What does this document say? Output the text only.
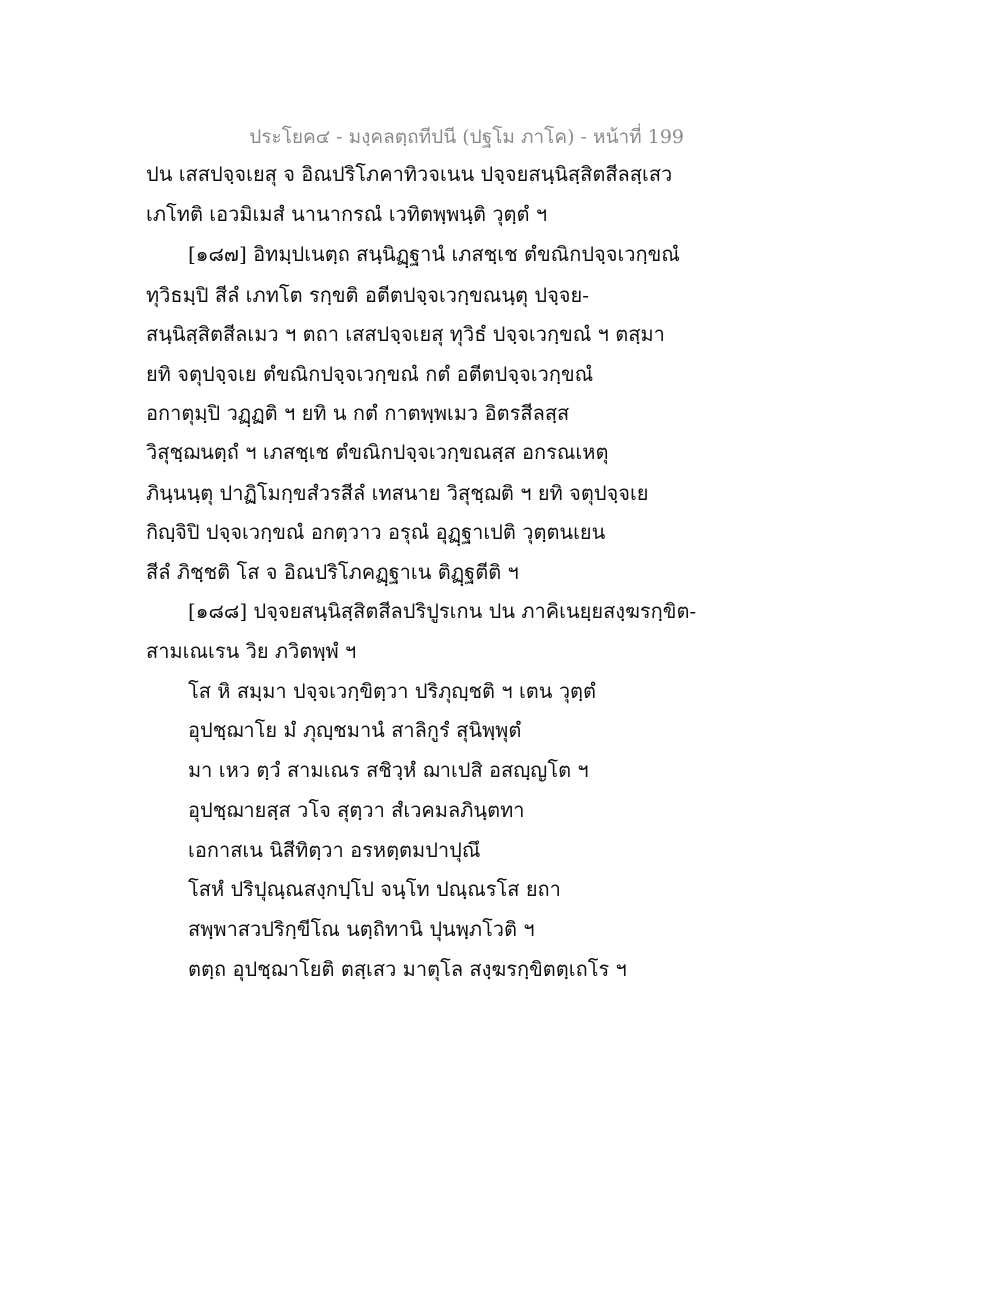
ประโยค๔ - มงฺคลตฺถทีปนี (ปฐโม ภาโค) - หน้าที่ 199
ปน เสสปจฺจเยสุ จ อิณปริโภคาทิวจเนน ปจฺจยสนฺนิสฺสิตสีลสฺเสว
เภโทติ เอวมิเมสํ นานากรณํ เวทิตพฺพนฺติ วุตฺตํ ฯ
[๑๘๗] อิทมฺปเนตฺถ สนฺนิฏฺฐานํ เภสชฺเช ตํขณิกปจฺจเวกฺขณํ
ทุวิธมฺปิ สีลํ เภทโต รกฺขติ อตีตปจฺจเวกฺขณนฺตุ ปจฺจย-
สนฺนิสฺสิตสีลเมว ฯ ตถา เสสปจฺจเยสุ ทุวิธํ ปจฺจเวกฺขณํ ฯ ตสฺมา
ยทิ จตุปจฺจเย ตํขณิกปจฺจเวกฺขณํ กตํ อตีตปจฺจเวกฺขณํ
อกาตุมฺปิ วฏฺฏติ ฯ ยทิ น กตํ กาตพฺพเมว อิตรสีลสฺส
วิสุชฺฌนตฺถํ ฯ เภสชฺเช ตํขณิกปจฺจเวกฺขณสฺส อกรณเหตุ
ภินฺนนฺตุ ปาฏิโมกฺขสํวรสีลํ เทสนาย วิสุชฺฌติ ฯ ยทิ จตุปจฺจเย
กิญฺจิปิ ปจฺจเวกฺขณํ อกตฺวาว อรุณํ อุฏฺฐาเปติ วุตฺตนเยน
สีลํ ภิชฺชติ โส จ อิณปริโภคฏฺฐาเน ติฏฺฐตีติ ฯ
[๑๘๘] ปจฺจยสนฺนิสฺสิตสีลปริปูรเกน ปน ภาคิเนยฺยสงฺฆรกฺขิต-
สามเณเรน วิย ภวิตพฺพํ ฯ
โส หิ สมฺมา ปจฺจเวกฺขิตฺวา ปริภุญฺชติ ฯ เตน วุตฺตํ
อุปชฺฌาโย มํ ภุญฺชมานํ สาลิกูรํ สุนิพฺพุตํ
มา เหว ตฺวํ สามเณร สชิวฺหํ ฌาเปสิ อสญฺญโต ฯ
อุปชฺฌายสฺส วโจ สุตฺวา สํเวคมลภินฺตทา
เอกาสเน นิสีทิตฺวา อรหตฺตมปาปุณึ
โสหํ ปริปุณฺณสงฺกปฺโป จนฺโท ปณฺณรโส ยถา
สพฺพาสวปริกฺขีโณ นตฺถิทานิ ปุนพฺภโวติ ฯ
ตตฺถ อุปชฺฌาโยติ ตสฺเสว มาตุโล สงฺฆรกฺขิตตฺเถโร ฯ
